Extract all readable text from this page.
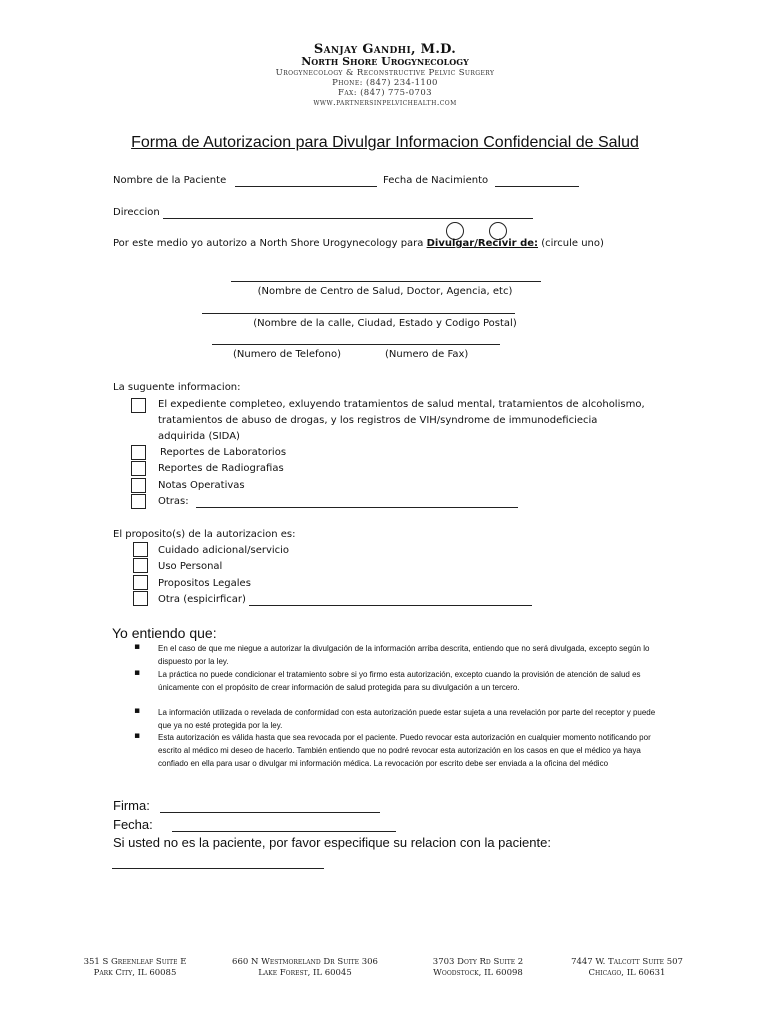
Sanjay Gandhi, M.D.
North Shore Urogynecology
Urogynecology & Reconstructive Pelvic Surgery
Phone: (847) 234-1100
Fax: (847) 775-0703
www.partnersinpelvichealth.com
Forma de Autorizacion para Divulgar Informacion Confidencial de Salud
Nombre de la Paciente	Fecha de Nacimiento
Direccion
Por este medio yo autorizo a North Shore Urogynecology para Divulgar/Recivir de: (circule uno)
(Nombre de Centro de Salud, Doctor, Agencia, etc)
(Nombre de la calle, Ciudad, Estado y Codigo Postal)
(Numero de Telefono)	(Numero de Fax)
La suguente informacion:
El expediente completeo, exluyendo tratamientos de salud mental, tratamientos de alcoholismo,
tratamientos de abuso de drogas, y los registros de VIH/syndrome de immunodeficiecia
adquirida (SIDA)
Reportes de Laboratorios
Reportes de Radiografias
Notas Operativas
Otras:
El proposito(s) de la autorizacion es:
Cuidado adicional/servicio
Uso Personal
Propositos Legales
Otra (espicirficar)
Yo entiendo que:
▪ En el caso de que me niegue a autorizar la divulgación de la información arriba descrita, entiendo que no será divulgada, excepto según lo dispuesto por la ley.
▪ La práctica no puede condicionar el tratamiento sobre si yo firmo esta autorización, excepto cuando la provisión de atención de salud es únicamente con el propósito de crear información de salud protegida para su divulgación a un tercero.
▪ La información utilizada o revelada de conformidad con esta autorización puede estar sujeta a una revelación por parte del receptor y puede que ya no esté protegida por la ley.
▪ Esta autorización es válida hasta que sea revocada por el paciente. Puedo revocar esta autorización en cualquier momento notificando por escrito al médico mi deseo de hacerlo. También entiendo que no podré revocar esta autorización en los casos en que el médico ya haya confiado en ella para usar o divulgar mi información médica. La revocación por escrito debe ser enviada a la oficina del médico
Firma:
Fecha:
Si usted no es la paciente, por favor especifique su relacion con la paciente:
351 S Greenleaf Suite E
Park City, IL 60085
660 N Westmoreland Dr Suite 306
Lake Forest, IL 60045
3703 Doty Rd Suite 2
Woodstock, IL 60098
7447 W. Talcott Suite 507
Chicago, IL 60631
